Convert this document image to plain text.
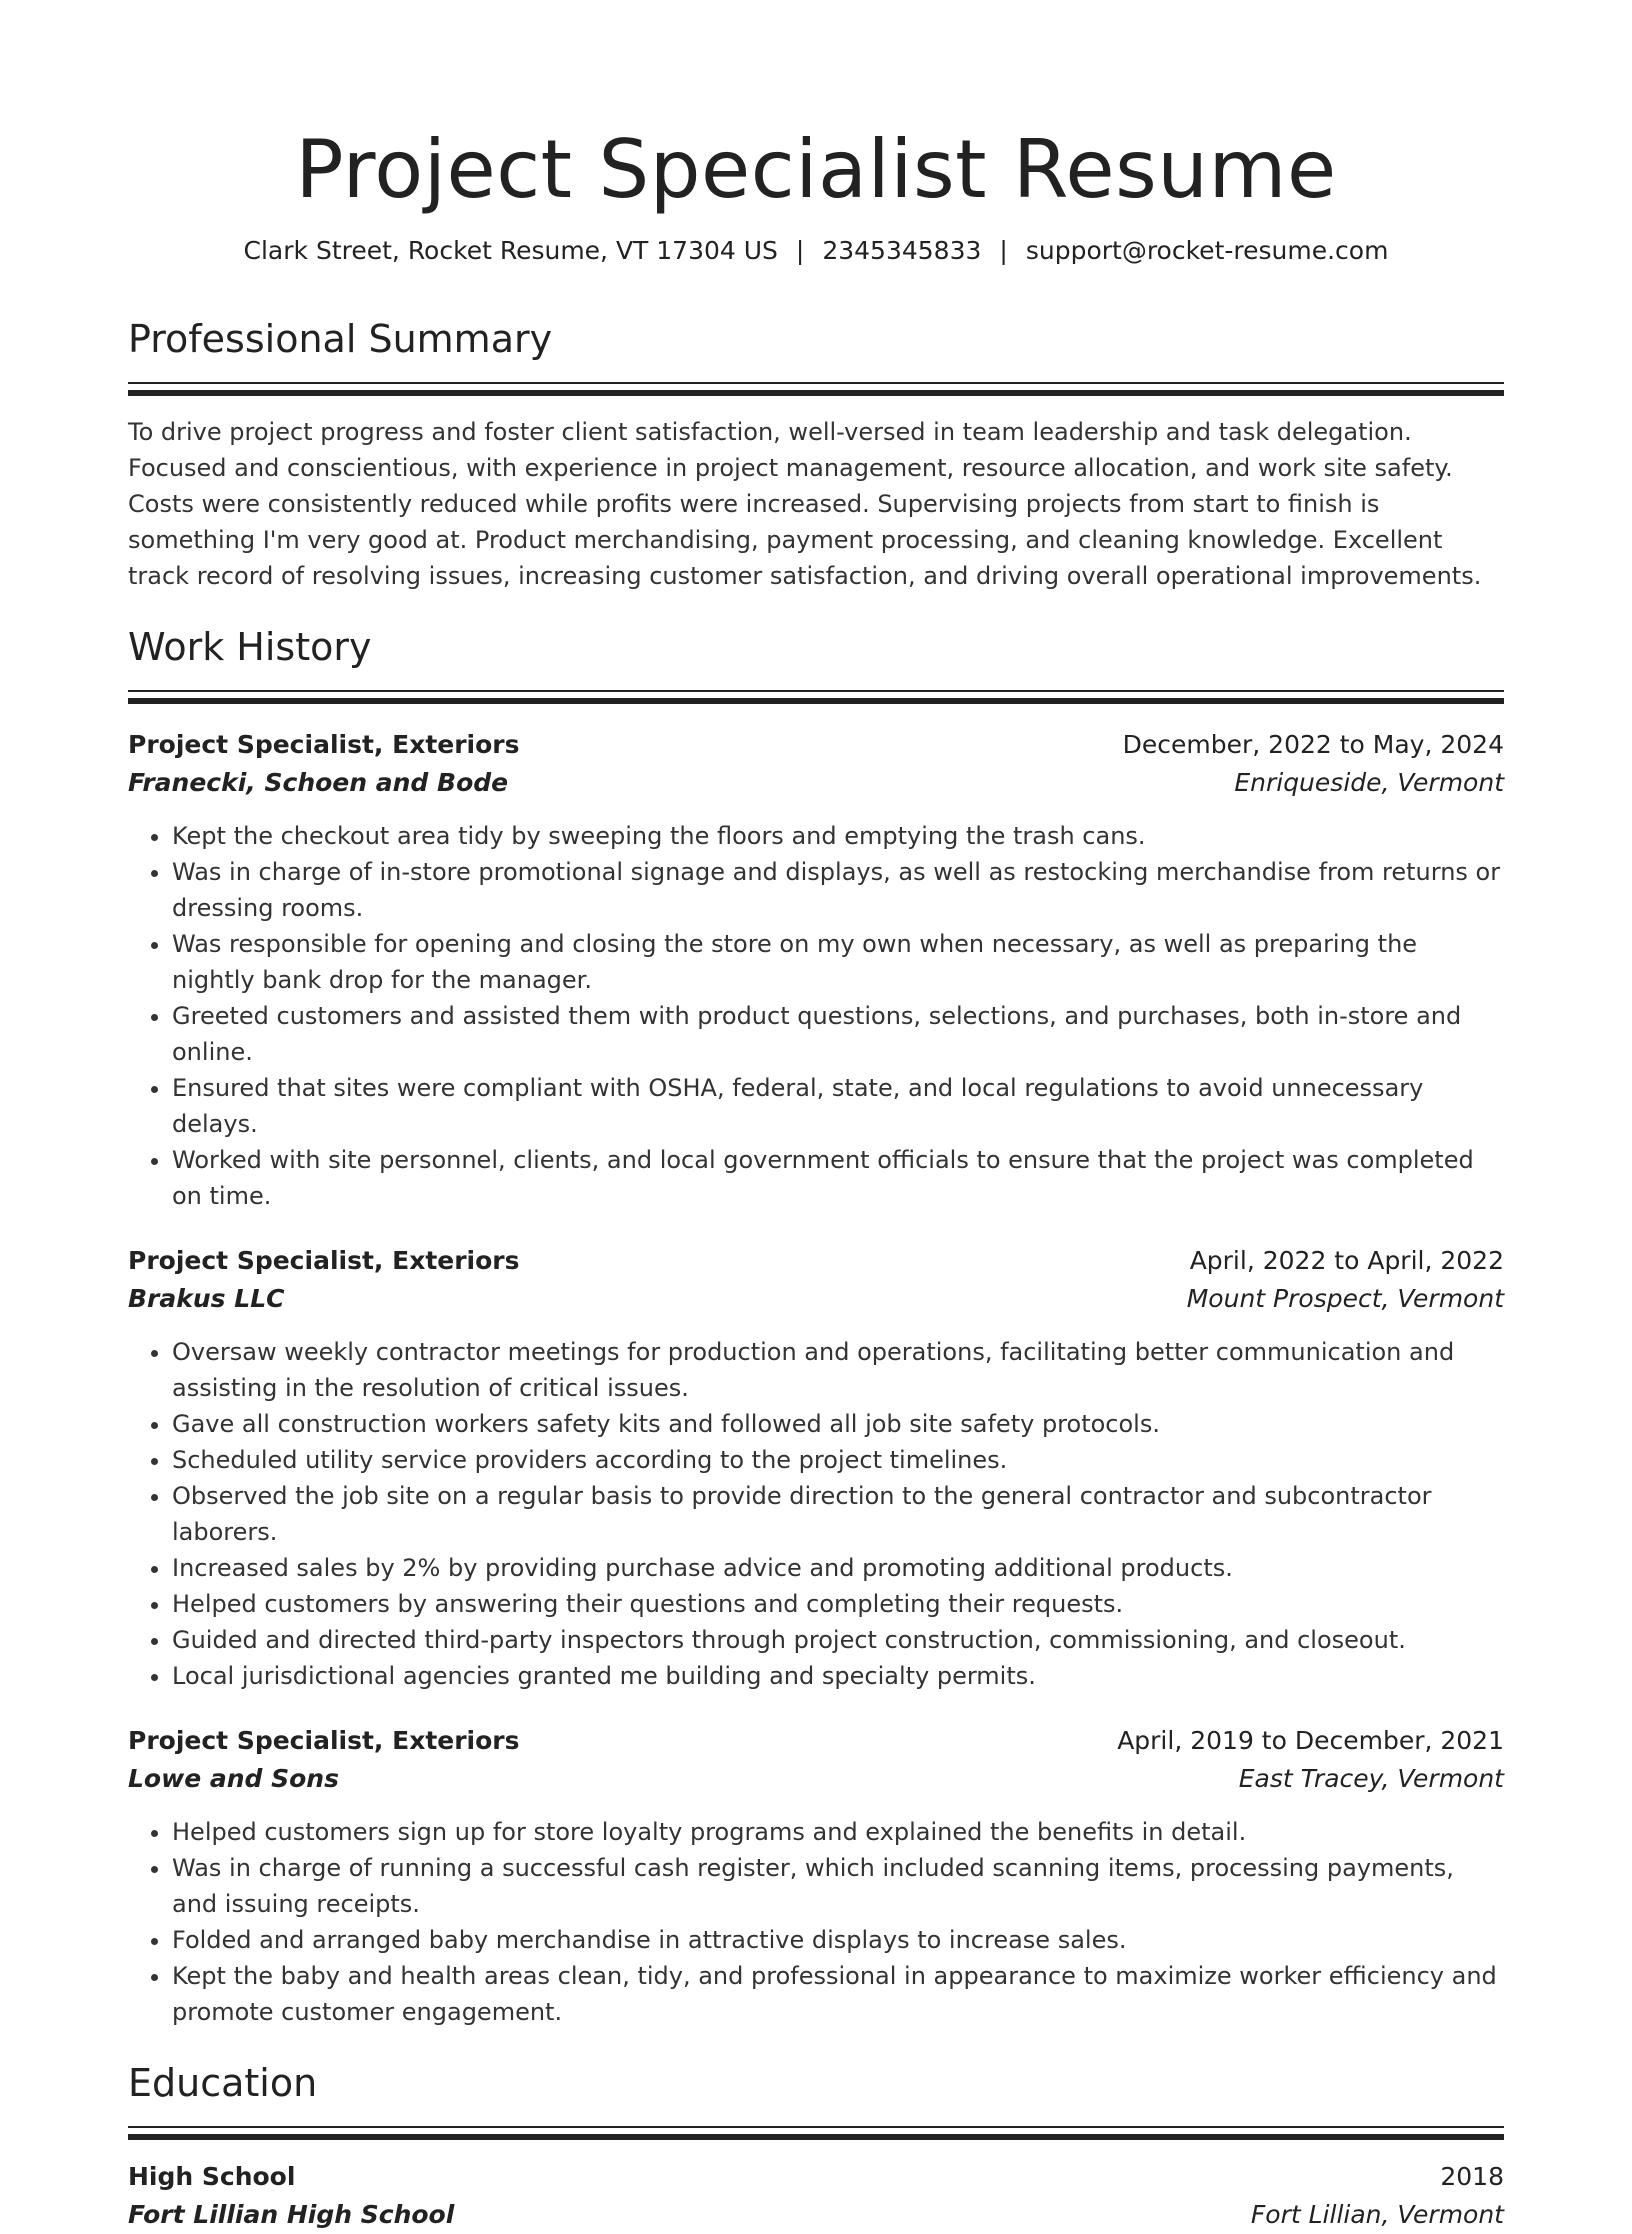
Project Specialist Resume
Clark Street, Rocket Resume, VT 17304 US | 2345345833 | support@rocket-resume.com
Professional Summary

To drive project progress and foster client satisfaction, well-versed in team leadership and task delegation. Focused and conscientious, with experience in project management, resource allocation, and work site safety. Costs were consistently reduced while profits were increased. Supervising projects from start to finish is something I'm very good at. Product merchandising, payment processing, and cleaning knowledge. Excellent track record of resolving issues, increasing customer satisfaction, and driving overall operational improvements.

Work History
Project Specialist, Exteriors	December, 2022 to May, 2024
Franecki, Schoen and Bode	Enriqueside, Vermont
• Kept the checkout area tidy by sweeping the floors and emptying the trash cans.
• Was in charge of in-store promotional signage and displays, as well as restocking merchandise from returns or dressing rooms.
• Was responsible for opening and closing the store on my own when necessary, as well as preparing the nightly bank drop for the manager.
• Greeted customers and assisted them with product questions, selections, and purchases, both in-store and online.
• Ensured that sites were compliant with OSHA, federal, state, and local regulations to avoid unnecessary delays.
• Worked with site personnel, clients, and local government officials to ensure that the project was completed on time.
Project Specialist, Exteriors	April, 2022 to April, 2022
Brakus LLC	Mount Prospect, Vermont
• Oversaw weekly contractor meetings for production and operations, facilitating better communication and assisting in the resolution of critical issues.
• Gave all construction workers safety kits and followed all job site safety protocols.
• Scheduled utility service providers according to the project timelines.
• Observed the job site on a regular basis to provide direction to the general contractor and subcontractor laborers.
• Increased sales by 2% by providing purchase advice and promoting additional products.
• Helped customers by answering their questions and completing their requests.
• Guided and directed third-party inspectors through project construction, commissioning, and closeout.
• Local jurisdictional agencies granted me building and specialty permits.
Project Specialist, Exteriors	April, 2019 to December, 2021
Lowe and Sons	East Tracey, Vermont
• Helped customers sign up for store loyalty programs and explained the benefits in detail.
• Was in charge of running a successful cash register, which included scanning items, processing payments, and issuing receipts.
• Folded and arranged baby merchandise in attractive displays to increase sales.
• Kept the baby and health areas clean, tidy, and professional in appearance to maximize worker efficiency and promote customer engagement.
Education
High School	2018
Fort Lillian High School	Fort Lillian, Vermont
